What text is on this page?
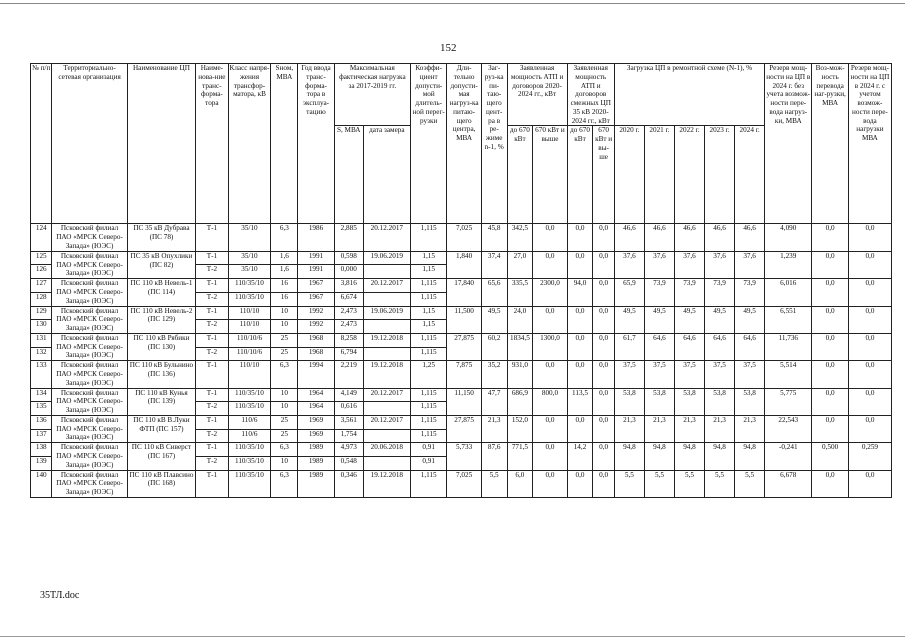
152
№ п/п	Территориально-сетевая организация	Наименование ЦП	Наиме-нова-ние транс-форма-тора	Класс напря-жения трансфор-матора, кВ	Sном, МВА	Год ввода транс-форма-тора в эксплуа-тацию	Максимальная фактическая нагрузка за 2017-2019 гг.		Коэффи-циент допусти-мой длитель-ной перег-рузки	Дли-тельно допусти-мая нагруз-ка питаю-щего центра, МВА	Заг-руз-ка пи-таю-щего цент-ра в ре-жиме n-1, %	Заявленная мощность АТП и договоров 2020-2024 гг., кВт		Заявленная мощность АТП и договоров смежных ЦП 35 кВ 2020-2024 гг., кВт		Загрузка ЦП в ремонтной схеме (N-1), %					Резерв мощ-ности на ЦП в 2024 г. без учета возмож-ности пере-вода нагруз-ки, МВА	Воз-мож-ность перевода наг-рузки, МВА	Резерв мощ-ности на ЦП в 2024 г. с учетом возмож-ности пере-вода нагрузки МВА
							S, МВА	дата замера				до 670 кВт	670 кВт и выше	до 670 кВт	670 кВт и вы-ше	2020 г.	2021 г.	2022 г.	2023 г.	2024 г.			
124	Псковский филиал ПАО «МРСК Северо-Запада» (ЮЭС)	ПС 35 кВ Дубрава (ПС 78)	Т-1	35/10	6,3	1986	2,885	20.12.2017	1,115	7,025	45,8	342,5	0,0	0,0	0,0	46,6	46,6	46,6	46,6	46,6	4,090	0,0	0,0

125	Псковский филиал ПАО «МРСК Северо-Запада» (ЮЭС)	ПС 35 кВ Опухлики (ПС 82)	Т-1	35/10	1,6	1991	0,598	19.06.2019	1,15	1,840	37,4	27,0	0,0	0,0	0,0	37,6	37,6	37,6	37,6	37,6	1,239	0,0	0,0
126			Т-2	35/10	1,6	1991	0,000		1,15														
127	Псковский филиал ПАО «МРСК Северо-Запада» (ЮЭС)	ПС 110 кВ Невель-1 (ПС 114)	Т-1	110/35/10	16	1967	3,816	20.12.2017	1,115	17,840	65,6	335,5	2300,0	94,0	0,0	65,9	73,9	73,9	73,9	73,9	6,016	0,0	0,0
128			Т-2	110/35/10	16	1967	6,674		1,115														
129	Псковский филиал ПАО «МРСК Северо-Запада» (ЮЭС)	ПС 110 кВ Невель-2 (ПС 129)	Т-1	110/10	10	1992	2,473	19.06.2019	1,15	11,500	49,5	24,0	0,0	0,0	0,0	49,5	49,5	49,5	49,5	49,5	6,551	0,0	0,0
130			Т-2	110/10	10	1992	2,473		1,15														
131	Псковский филиал ПАО «МРСК Северо-Запада» (ЮЭС)	ПС 110 кВ Рябики (ПС 130)	Т-1	110/10/6	25	1968	8,258	19.12.2018	1,115	27,875	60,2	1834,5	1300,0	0,0	0,0	61,7	64,6	64,6	64,6	64,6	11,736	0,0	0,0
132			Т-2	110/10/6	25	1968	6,794		1,115														
133	Псковский филиал ПАО «МРСК Северо-Запада» (ЮЭС)	ПС 110 кВ Бульнино (ПС 136)	Т-1	110/10	6,3	1994	2,219	19.12.2018	1,25	7,875	35,2	931,0	0,0	0,0	0,0	37,5	37,5	37,5	37,5	37,5	5,514	0,0	0,0

134	Псковский филиал ПАО «МРСК Северо-Запада» (ЮЭС)	ПС 110 кВ Кунья (ПС 139)	Т-1	110/35/10	10	1964	4,149	20.12.2017	1,115	11,150	47,7	686,9	800,0	113,5	0,0	53,8	53,8	53,8	53,8	53,8	5,775	0,0	0,0
135			Т-2	110/35/10	10	1964	0,616		1,115														
136	Псковский филиал ПАО «МРСК Северо-Запада» (ЮЭС)	ПС 110 кВ В.Луки ФТП (ПС 157)	Т-1	110/6	25	1969	3,561	20.12.2017	1,115	27,875	21,3	152,0	0,0	0,0	0,0	21,3	21,3	21,3	21,3	21,3	22,543	0,0	0,0
137			Т-2	110/6	25	1969	1,754		1,115														
138	Псковский филиал ПАО «МРСК Северо-Запада» (ЮЭС)	ПС 110 кВ Сиверст (ПС 167)	Т-1	110/35/10	6,3	1989	4,973	20.06.2018	0,91	5,733	87,6	771,5	0,0	14,2	0,0	94,8	94,8	94,8	94,8	94,8	-0,241	0,500	0,259
139			Т-2	110/35/10	10	1989	0,548		0,91														
140	Псковский филиал ПАО «МРСК Северо-Запада» (ЮЭС)	ПС 110 кВ Плавсино (ПС 168)	Т-1	110/35/10	6,3	1989	0,346	19.12.2018	1,115	7,025	5,5	6,0	0,0	0,0	0,0	5,5	5,5	5,5	5,5	5,5	6,678	0,0	0,0

35ТЛ.doc
